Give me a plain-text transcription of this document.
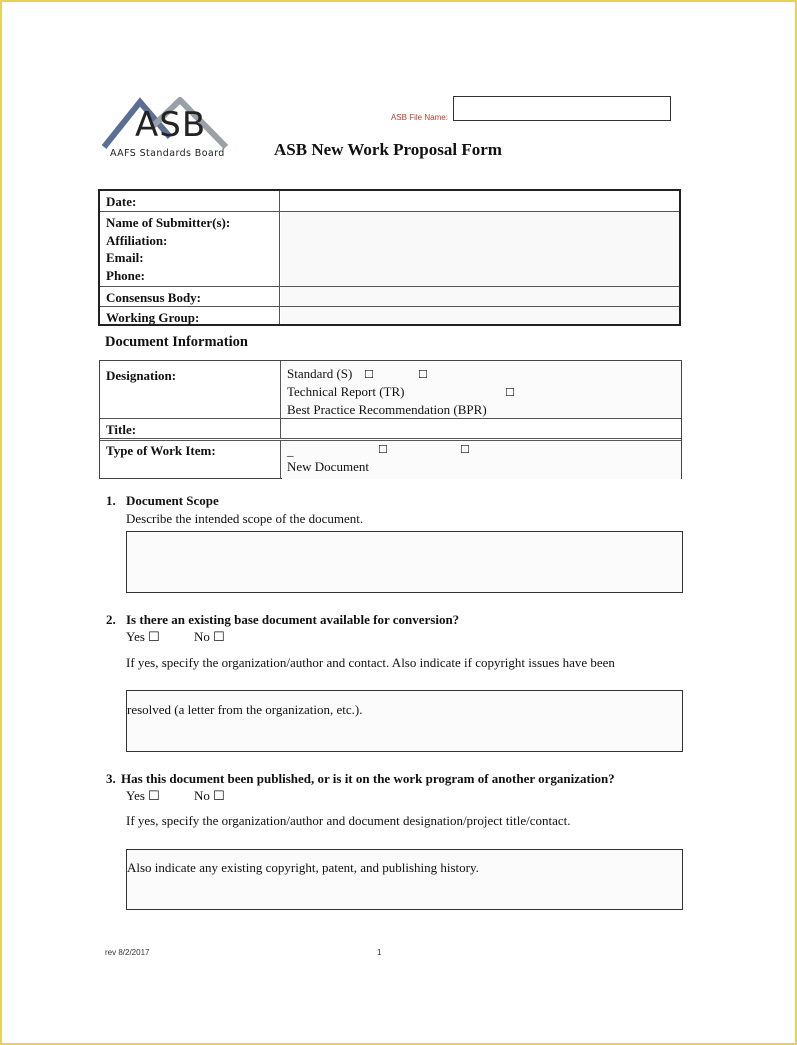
ASB
AAFS Standards Board
ASB File Name:
ASB New Work Proposal Form
Date:
Name of Submitter(s):
Affiliation:
Email:
Phone:
Consensus Body:
Working Group:
Document Information
Designation:	Standard (S) ☐	☐
Technical Report (TR)	☐
Best Practice Recommendation (BPR)
Title:
Type of Work Item:	☐	☐
_
New Document
1. Document Scope
Describe the intended scope of the document.
2. Is there an existing base document available for conversion?
Yes ☐	No ☐
If yes, specify the organization/author and contact. Also indicate if copyright issues have been
resolved (a letter from the organization, etc.).
3. Has this document been published, or is it on the work program of another organization?
Yes ☐	No ☐
If yes, specify the organization/author and document designation/project title/contact.
Also indicate any existing copyright, patent, and publishing history.
rev 8/2/2017	1
